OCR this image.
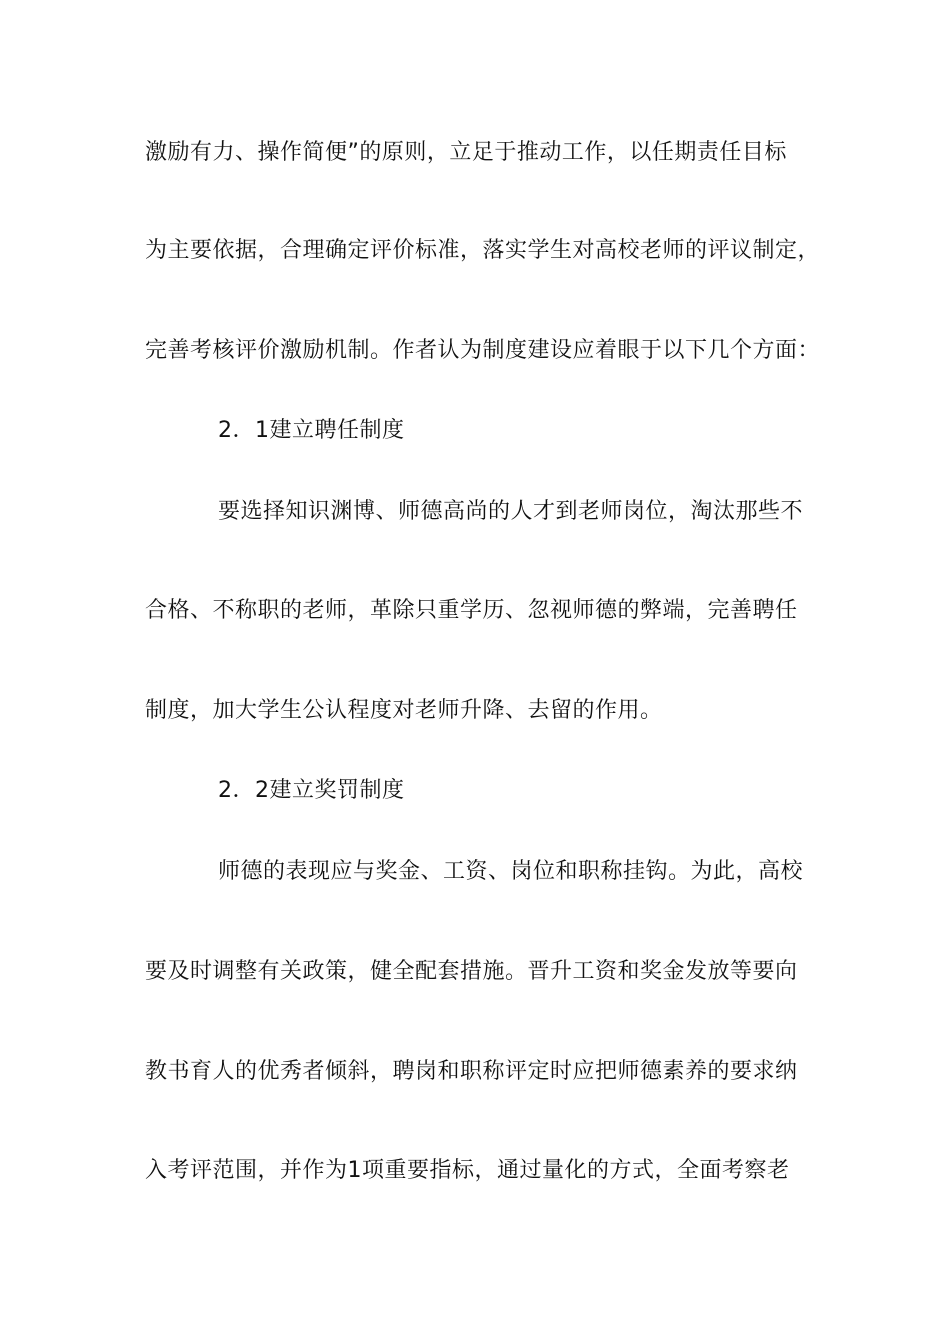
激励有力、操作简便”的原则，立足于推动工作，以任期责任目标
为主要依据，合理确定评价标准，落实学生对高校老师的评议制定，
完善考核评价激励机制。作者认为制度建设应着眼于以下几个方面：
2．1建立聘任制度
要选择知识渊博、师德高尚的人才到老师岗位，淘汰那些不
合格、不称职的老师，革除只重学历、忽视师德的弊端，完善聘任
制度，加大学生公认程度对老师升降、去留的作用。
2．2建立奖罚制度
师德的表现应与奖金、工资、岗位和职称挂钩。为此，高校
要及时调整有关政策，健全配套措施。晋升工资和奖金发放等要向
教书育人的优秀者倾斜，聘岗和职称评定时应把师德素养的要求纳
入考评范围，并作为1项重要指标，通过量化的方式，全面考察老
